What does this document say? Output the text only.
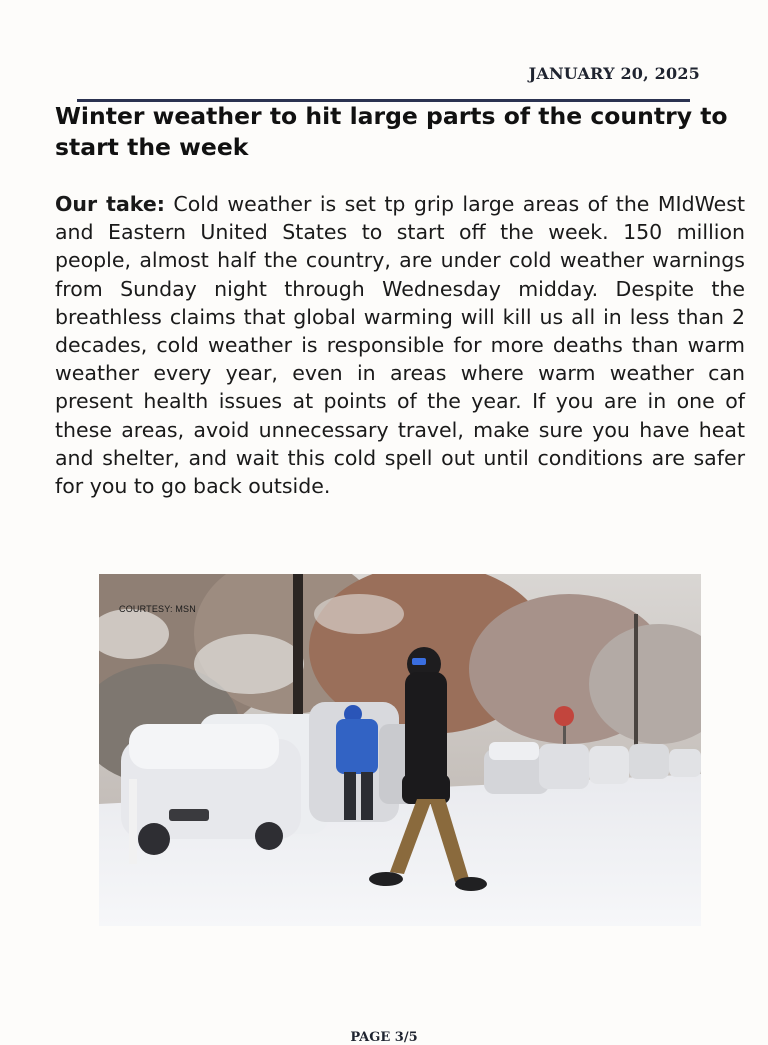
JANUARY 20, 2025
Winter weather to hit large parts of the country to start the week

Our take: Cold weather is set tp grip large areas of the MIdWest and Eastern United States to start off the week. 150 million people, almost half the country, are under cold weather warnings from Sunday night through Wednesday midday. Despite the breathless claims that global warming will kill us all in less than 2 decades, cold weather is responsible for more deaths than warm weather every year, even in areas where warm weather can present health issues at points of the year. If you are in one of these areas, avoid unnecessary travel, make sure you have heat and shelter, and wait this cold spell out until conditions are safer for you to go back outside.

COURTESY: MSN
PAGE 3/5
